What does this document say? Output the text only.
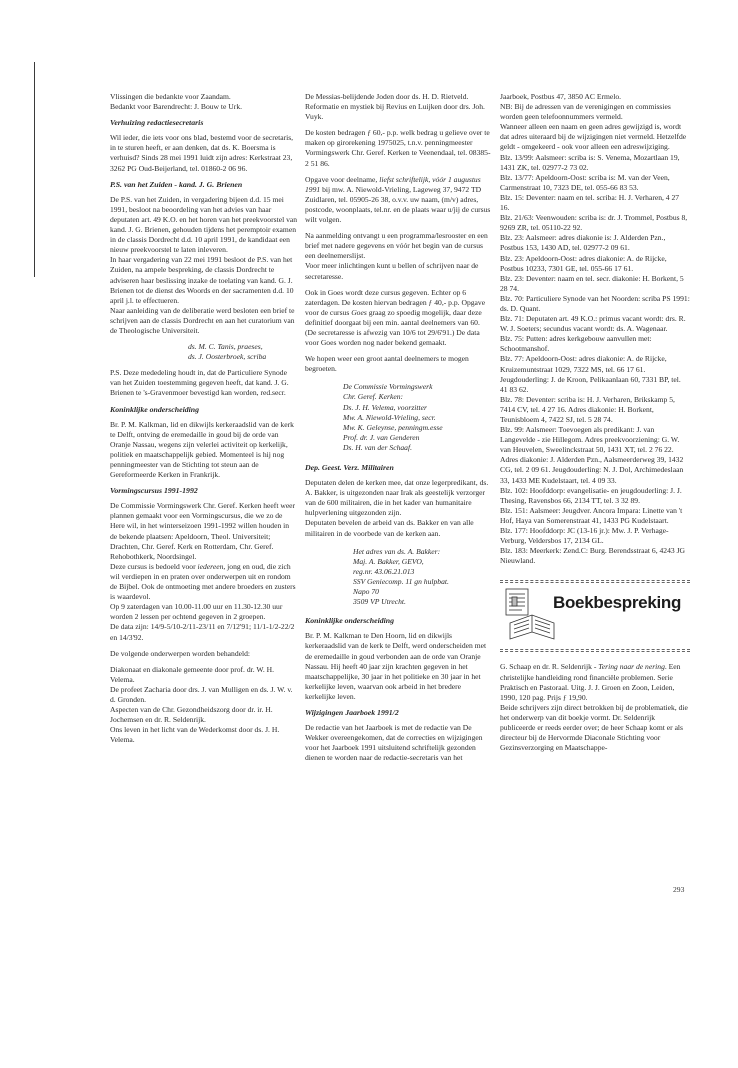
Vlissingen die bedankte voor Zaandam.
Bedankt voor Barendrecht: J. Bouw te Urk.

Verhuizing redactiesecretaris

Wil ieder, die iets voor ons blad, bestemd voor de secretaris, in te sturen heeft, er aan denken, dat ds. K. Boersma is verhuisd? Sinds 28 mei 1991 luidt zijn adres: Kerkstraat 23, 3262 PG Oud-Beijerland, tel. 01860-2 06 96.

P.S. van het Zuiden - kand. J. G. Brienen

De P.S. van het Zuiden, in vergadering bijeen d.d. 15 mei 1991, besloot na beoordeling van het advies van haar deputaten art. 49 K.O. en het horen van het preekvoorstel van kand. J. G. Brienen, gehouden tijdens het peremptoir examen in de classis Dordrecht d.d. 10 april 1991, de kandidaat een nieuw preekvoorstel te laten inleveren.

In haar vergadering van 22 mei 1991 besloot de P.S. van het Zuiden, na ampele bespreking, de classis Dordrecht te adviseren haar beslissing inzake de toelating van kand. G. J. Brienen tot de dienst des Woords en der sacramenten d.d. 10 april j.l. te effectueren.

Naar aanleiding van de deliberatie werd besloten een brief te schrijven aan de classis Dordrecht en aan het curatorium van de Theologische Universiteit.

ds. M. C. Tanis, praeses,
ds. J. Oosterbroek, scriba

P.S. Deze mededeling houdt in, dat de Particuliere Synode van het Zuiden toestemming gegeven heeft, dat kand. J. G. Brienen te 's-Gravenmoer bevestigd kan worden, red.secr.

Koninklijke onderscheiding

Br. P. M. Kalkman, lid en dikwijls kerkeraadslid van de kerk te Delft, ontving de eremedaille in goud bij de orde van Oranje Nassau, wegens zijn velerlei activiteit op kerkelijk, politiek en maatschappelijk gebied. Momenteel is hij nog penningmeester van de Stichting tot steun aan de Gereformeerde Kerken in Frankrijk.

Vormingscursus 1991-1992

De Commissie Vormingswerk Chr. Geref. Kerken heeft weer plannen gemaakt voor een Vormingscursus, die we zo de Here wil, in het winterseizoen 1991-1992 willen houden in de bekende plaatsen: Apeldoorn, Theol. Universiteit; Drachten, Chr. Geref. Kerk en Rotterdam, Chr. Geref. Rehobothkerk, Noordsingel.

Deze cursus is bedoeld voor iedereen, jong en oud, die zich wil verdiepen in en praten over onderwerpen uit en rondom de Bijbel. Ook de ontmoeting met andere broeders en zusters is waardevol.

Op 9 zaterdagen van 10.00-11.00 uur en 11.30-12.30 uur worden 2 lessen per ochtend gegeven in 2 groepen.

De data zijn: 14/9-5/10-2/11-23/11 en 7/12'91; 11/1-1/2-22/2 en 14/3'92.

De volgende onderwerpen worden behandeld:

Diakonaat en diakonale gemeente door prof. dr. W. H. Velema.
De profeet Zacharia door drs. J. van Mulligen en ds. J. W. v. d. Gronden.
Aspecten van de Chr. Gezondheidszorg door dr. ir. H. Jochemsen en dr. R. Seldenrijk.
Ons leven in het licht van de Wederkomst door ds. J. H. Velema.

De Messias-belijdende Joden door ds. H. D. Rietveld.
Reformatie en mystiek bij Revius en Luijken door drs. Joh. Vuyk.

De kosten bedragen ƒ 60,- p.p. welk bedrag u gelieve over te maken op girorekening 1975025, t.n.v. penningmeester Vormingswerk Chr. Geref. Kerken te Veenendaal, tel. 08385-2 51 86.

Opgave voor deelname, liefst schriftelijk, vóór 1 augustus 1991 bij mw. A. Niewold-Vrieling, Lageweg 37, 9472 TD Zuidlaren, tel. 05905-26 38, o.v.v. uw naam, (m/v) adres, postcode, woonplaats, tel.nr. en de plaats waar u/jij de cursus wilt volgen.

Na aanmelding ontvangt u een programma/lesrooster en een brief met nadere gegevens en vóór het begin van de cursus een deelnemerslijst.

Voor meer inlichtingen kunt u bellen of schrijven naar de secretaresse.

Ook in Goes wordt deze cursus gegeven. Echter op 6 zaterdagen. De kosten hiervan bedragen ƒ 40,- p.p. Opgave voor de cursus Goes graag zo spoedig mogelijk, daar deze definitief doorgaat bij een min. aantal deelnemers van 60. (De secretaresse is afwezig van 10/6 tot 29/6'91.) De data voor Goes worden nog nader bekend gemaakt.

We hopen weer een groot aantal deelnemers te mogen begroeten.

De Commissie Vormingswerk
Chr. Geref. Kerken:
Ds. J. H. Velema, voorzitter
Mw. A. Niewold-Vrieling, secr.
Mw. K. Geleynse, penningm.esse
Prof. dr. J. van Genderen
Ds. H. van der Schaaf.
Dep. Geest. Verz. Militairen

Deputaten delen de kerken mee, dat onze legerpredikant, ds. A. Bakker, is uitgezonden naar Irak als geestelijk verzorger van de 600 militairen, die in het kader van humanitaire hulpverlening uitgezonden zijn.

Deputaten bevelen de arbeid van ds. Bakker en van alle militairen in de voorbede van de kerken aan.

Het adres van ds. A. Bakker:
Maj. A. Bakker, GEVO,
reg.nr. 43.06.21.013
SSV Geniecomp. 11 gn hulpbat.
Napo 70
3509 VP Utrecht.
Koninklijke onderscheiding

Br. P. M. Kalkman te Den Hoorn, lid en dikwijls kerkeraadslid van de kerk te Delft, werd onderscheiden met de eremedaille in goud verbonden aan de orde van Oranje Nassau. Hij heeft 40 jaar zijn krachten gegeven in het maatschappelijke, 30 jaar in het politieke en 30 jaar in het kerkelijke leven, waarvan ook arbeid in het bredere kerkelijke leven.

Wijzigingen Jaarboek 1991/2

De redactie van het Jaarboek is met de redactie van De Wekker overeengekomen, dat de correcties en wijzigingen voor het Jaarboek 1991 uitsluitend schriftelijk gezonden dienen te worden naar de redactie-secretaris van het

Jaarboek, Postbus 47, 3850 AC Ermelo.

NB: Bij de adressen van de verenigingen en commissies worden geen telefoonnummers vermeld.

Wanneer alleen een naam en geen adres gewijzigd is, wordt dat adres uiteraard bij de wijzigingen niet vermeld. Hetzelfde geldt - omgekeerd - ook voor alleen een adreswijziging.

Blz. 13/99: Aalsmeer: scriba is: S. Venema, Mozartlaan 19, 1431 ZK, tel. 02977-2 73 02.
Blz. 13/77: Apeldoorn-Oost: scriba is: M. van der Veen, Carmenstraat 10, 7323 DE, tel. 055-66 83 53.
Blz. 15: Deventer: naam en tel. scriba: H. J. Verharen, 4 27 16.
Blz. 21/63: Veenwouden: scriba is: dr. J. Trommel, Postbus 8, 9269 ZR, tel. 05110-22 92.
Blz. 23: Aalsmeer: adres diakonie is: J. Alderden Pzn., Postbus 153, 1430 AD, tel. 02977-2 09 61.
Blz. 23: Apeldoorn-Oost: adres diakonie: A. de Rijcke, Postbus 10233, 7301 GE, tel. 055-66 17 61.
Blz. 23: Deventer: naam en tel. secr. diakonie: H. Borkent, 5 28 74.
Blz. 70: Particuliere Synode van het Noorden: scriba PS 1991: ds. D. Quant.
Blz. 71: Deputaten art. 49 K.O.: primus vacant wordt: drs. R. W. J. Soeters; secundus vacant wordt: ds. A. Wagenaar.
Blz. 75: Putten: adres kerkgebouw aanvullen met: Schootmanshof.
Blz. 77: Apeldoorn-Oost: adres diakonie: A. de Rijcke, Kruizemuntstraat 1029, 7322 MS, tel. 66 17 61. Jeugdouderling: J. de Kroon, Pelikaanlaan 60, 7331 BP, tel. 41 83 62.
Blz. 78: Deventer: scriba is: H. J. Verharen, Brikskamp 5, 7414 CV, tel. 4 27 16. Adres diakonie: H. Borkent, Teunisbloem 4, 7422 SJ, tel. 5 28 74.
Blz. 99: Aalsmeer: Toevoegen als predikant: J. van Langevelde - zie Hillegom. Adres preekvoorziening: G. W. van Heuvelen, Sweelinckstraat 50, 1431 XT, tel. 2 76 22. Adres diakonie: J. Alderden Pzn., Aalsmeerderweg 39, 1432 CG, tel. 2 09 61. Jeugdouderling: N. J. Dol, Archimedeslaan 33, 1433 ME Kudelstaart, tel. 4 09 33.
Blz. 102: Hoofddorp: evangelisatie- en jeugdouderling: J. J. Thesing, Ravensbos 66, 2134 TT, tel. 3 32 89.
Blz. 151: Aalsmeer: Jeugdver. Ancora Impara: Linette van 't Hof, Haya van Somerenstraat 41, 1433 PG Kudelstaart.
Blz. 177: Hoofddorp: JC (13-16 jr.): Mw. J. P. Verhage-Verburg, Veldersbos 17, 2134 GL.
Blz. 183: Meerkerk: Zend.C: Burg. Berendsstraat 6, 4243 JG Nieuwland.
Boekbespreking

G. Schaap en dr. R. Seldenrijk - Tering naar de nering. Een christelijke handleiding rond financiële problemen. Serie Praktisch en Pastoraal. Uitg. J. J. Groen en Zoon, Leiden, 1990, 120 pag. Prijs ƒ 19,90.

Beide schrijvers zijn direct betrokken bij de problematiek, die het onderwerp van dit boekje vormt. Dr. Seldenrijk publiceerde er reeds eerder over; de heer Schaap komt er als directeur bij de Hervormde Diaconale Stichting voor Gezinsverzorging en Maatschappe-

293
